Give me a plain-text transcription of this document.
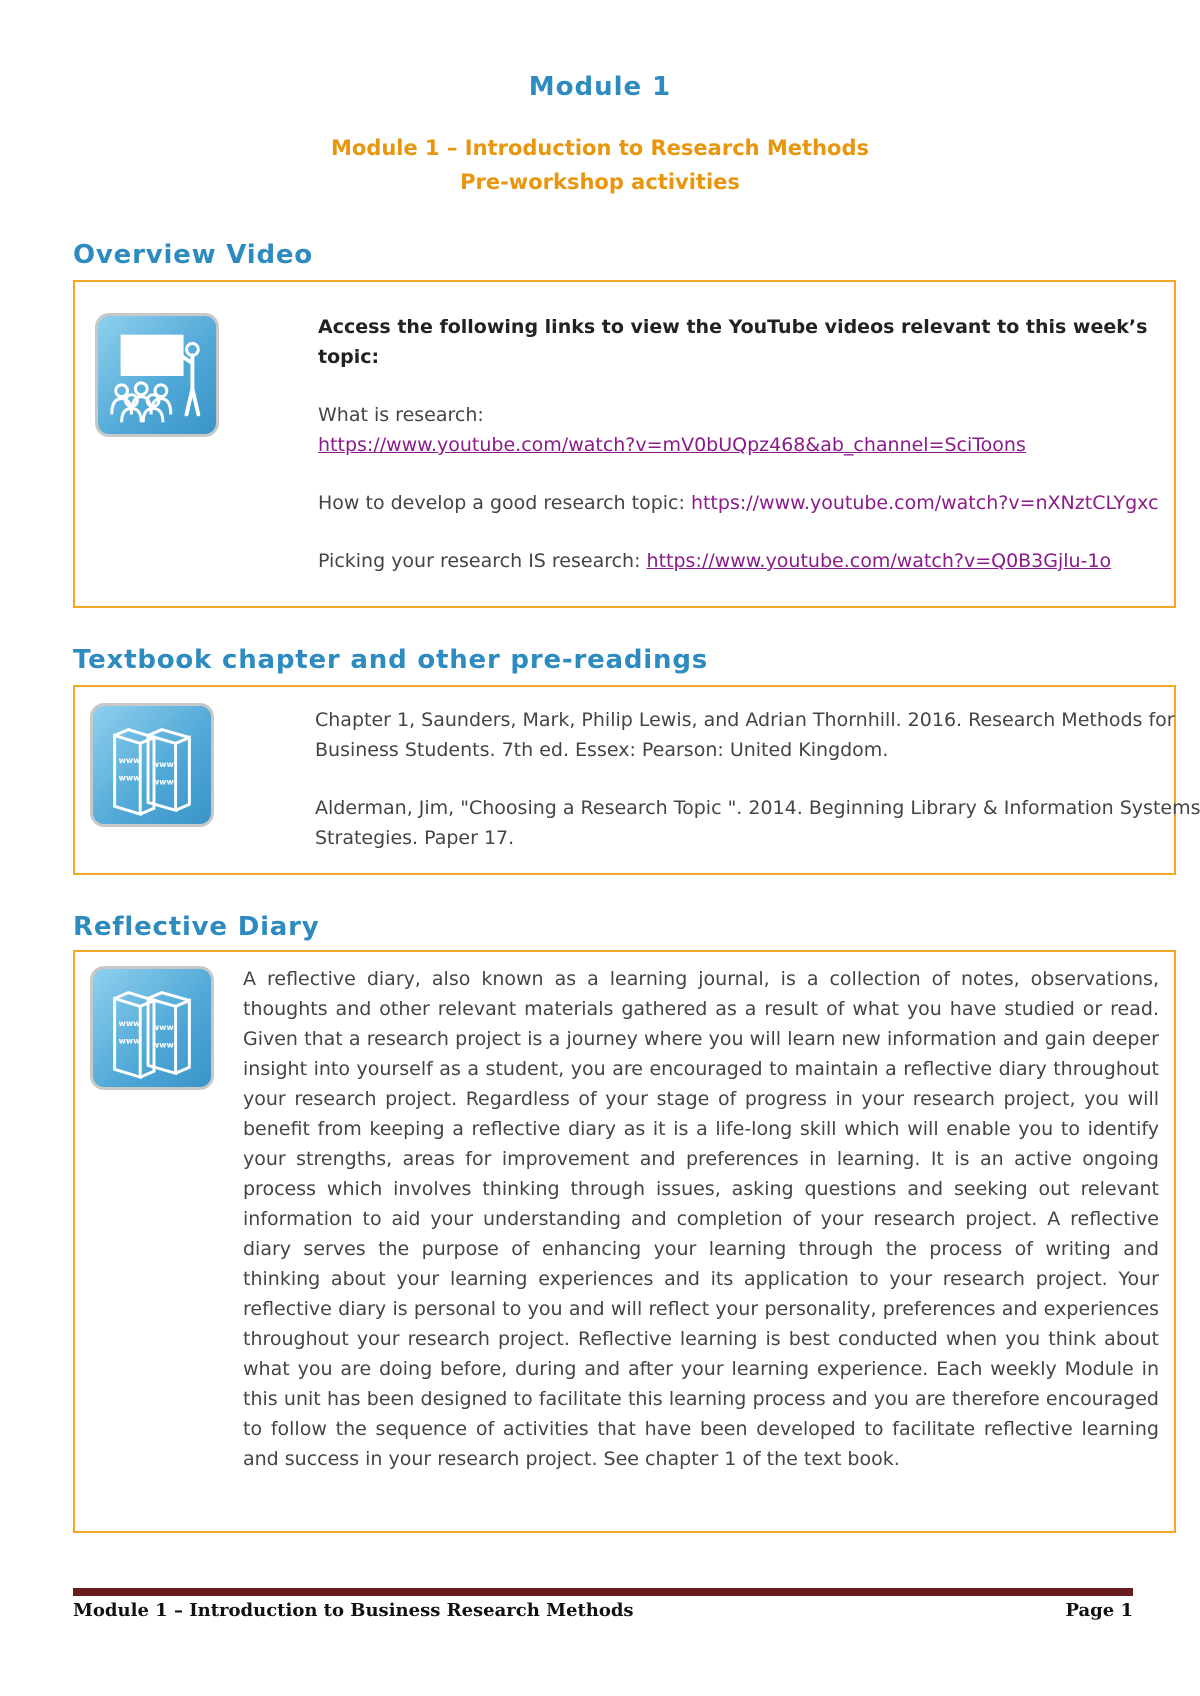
Module 1
Module 1 – Introduction to Research Methods
Pre-workshop activities
Overview Video

Access the following links to view the YouTube videos relevant to this week’s topic:

What is research:
https://www.youtube.com/watch?v=mV0bUQpz468&ab_channel=SciToons

How to develop a good research topic: https://www.youtube.com/watch?v=nXNztCLYgxc

Picking your research IS research: https://www.youtube.com/watch?v=Q0B3Gjlu-1o

Textbook chapter and other pre-readings
www
www
www
www

Chapter 1, Saunders, Mark, Philip Lewis, and Adrian Thornhill. 2016. Research Methods for Business Students. 7th ed. Essex: Pearson: United Kingdom.

Alderman, Jim, "Choosing a Research Topic ". 2014. Beginning Library & Information Systems Strategies. Paper 17.

Reflective Diary
www
www
www
www

A reflective diary, also known as a learning journal, is a collection of notes, observations, thoughts and other relevant materials gathered as a result of what you have studied or read. Given that a research project is a journey where you will learn new information and gain deeper insight into yourself as a student, you are encouraged to maintain a reflective diary throughout your research project. Regardless of your stage of progress in your research project, you will benefit from keeping a reflective diary as it is a life-long skill which will enable you to identify your strengths, areas for improvement and preferences in learning. It is an active ongoing process which involves thinking through issues, asking questions and seeking out relevant information to aid your understanding and completion of your research project. A reflective diary serves the purpose of enhancing your learning through the process of writing and thinking about your learning experiences and its application to your research project. Your reflective diary is personal to you and will reflect your personality, preferences and experiences throughout your research project. Reflective learning is best conducted when you think about what you are doing before, during and after your learning experience. Each weekly Module in this unit has been designed to facilitate this learning process and you are therefore encouraged to follow the sequence of activities that have been developed to facilitate reflective learning and success in your research project. See chapter 1 of the text book.

Module 1 – Introduction to Business Research Methods	Page 1
